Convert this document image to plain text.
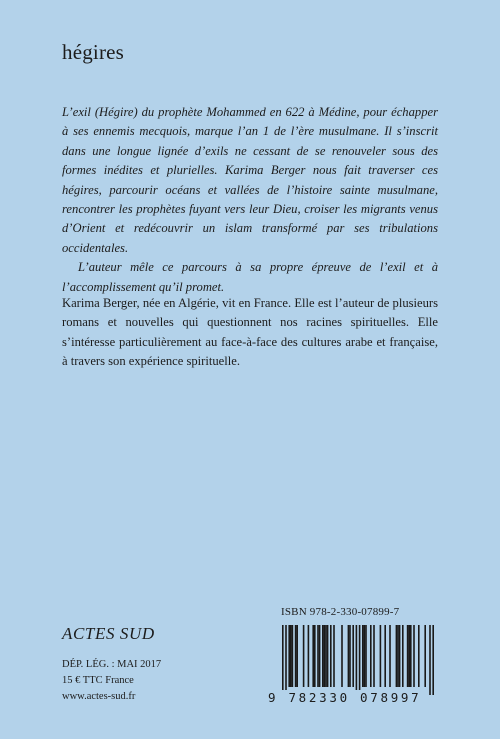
hégires

L’exil (Hégire) du prophète Mohammed en 622 à Médine, pour échapper à ses ennemis mecquois, marque l’an 1 de l’ère musulmane. Il s’inscrit dans une longue lignée d’exils ne cessant de se renouveler sous des formes inédites et plurielles. Karima Berger nous fait traverser ces hégires, parcourir océans et vallées de l’histoire sainte musulmane, rencontrer les prophètes fuyant vers leur Dieu, croiser les migrants venus d’Orient et redécouvrir un islam transformé par ses tribulations occidentales.

L’auteur mêle ce parcours à sa propre épreuve de l’exil et à l’accomplissement qu’il promet.

Karima Berger, née en Algérie, vit en France. Elle est l’auteur de plusieurs romans et nouvelles qui questionnent nos racines spirituelles. Elle s’intéresse particulièrement au face-à-face des cultures arabe et française, à travers son expérience spirituelle.

ACTES SUD
DÉP. LÉG. : MAI 2017
15 € TTC France
www.actes-sud.fr
ISBN 978-2-330-07899-7
9 782330 078997
